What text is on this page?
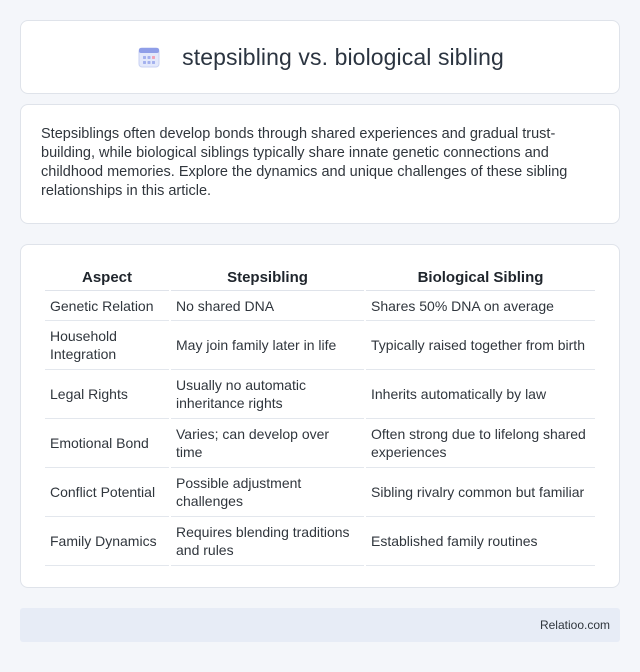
stepsibling vs. biological sibling

Stepsiblings often develop bonds through shared experiences and gradual trust-building, while biological siblings typically share innate genetic connections and childhood memories. Explore the dynamics and unique challenges of these sibling relationships in this article.

Aspect	Stepsibling	Biological Sibling
Genetic Relation	No shared DNA	Shares 50% DNA on average
Household Integration	May join family later in life	Typically raised together from birth
Legal Rights	Usually no automatic inheritance rights	Inherits automatically by law
Emotional Bond	Varies; can develop over time	Often strong due to lifelong shared experiences
Conflict Potential	Possible adjustment challenges	Sibling rivalry common but familiar
Family Dynamics	Requires blending traditions and rules	Established family routines
Relatioo.com
